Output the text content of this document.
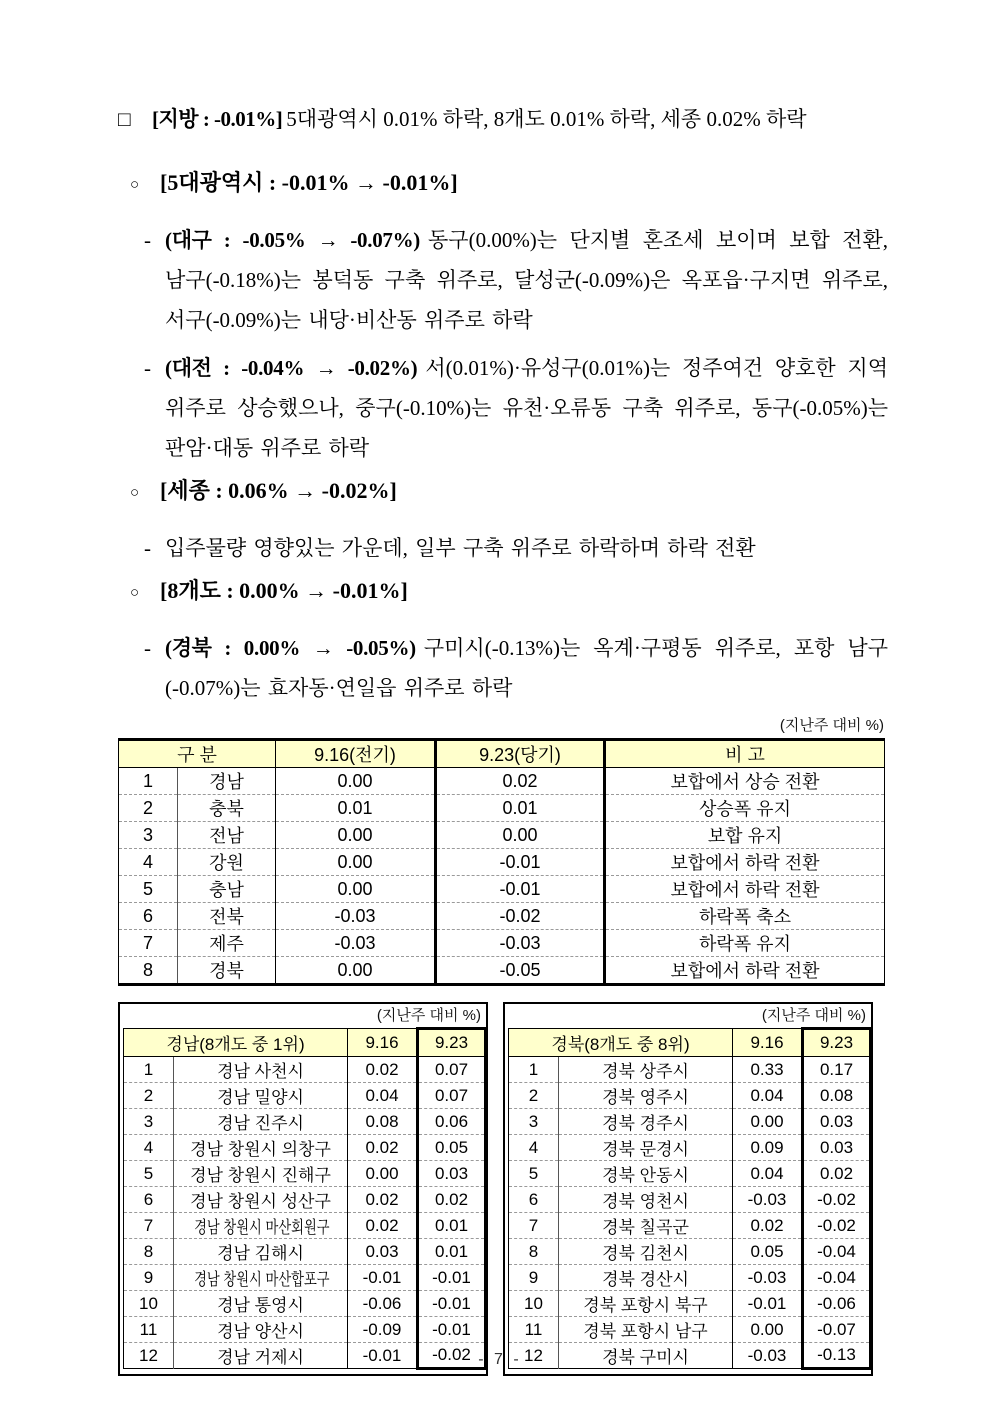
□ [지방 : -0.01%] 5대광역시 0.01% 하락, 8개도 0.01% 하락, 세종 0.02% 하락

○ [5대광역시 : -0.01% → -0.01%]

- (대구 : -0.05% → -0.07%) 동구(0.00%)는 단지별 혼조세 보이며 보합 전환, 남구(-0.18%)는 봉덕동 구축 위주로, 달성군(-0.09%)은 옥포읍·구지면 위주로, 서구(-0.09%)는 내당·비산동 위주로 하락

- (대전 : -0.04% → -0.02%) 서(0.01%)·유성구(0.01%)는 정주여건 양호한 지역 위주로 상승했으나, 중구(-0.10%)는 유천·오류동 구축 위주로, 동구(-0.05%)는 판암·대동 위주로 하락

○ [세종 : 0.06% → -0.02%]

- 입주물량 영향있는 가운데, 일부 구축 위주로 하락하며 하락 전환

○ [8개도 : 0.00% → -0.01%]

- (경북 : 0.00% → -0.05%) 구미시(-0.13%)는 옥계·구평동 위주로, 포항 남구(-0.07%)는 효자동·연일읍 위주로 하락

(지난주 대비 %)
구 분		9.16(전기)	9.23(당기)	비 고
1	경남	0.00	0.02	보합에서 상승 전환
2	충북	0.01	0.01	상승폭 유지
3	전남	0.00	0.00	보합 유지
4	강원	0.00	-0.01	보합에서 하락 전환
5	충남	0.00	-0.01	보합에서 하락 전환
6	전북	-0.03	-0.02	하락폭 축소
7	제주	-0.03	-0.03	하락폭 유지
8	경북	0.00	-0.05	보합에서 하락 전환
(지난주 대비 %)
경남(8개도 중 1위)		9.16	9.23
1	경남 사천시	0.02	0.07
2	경남 밀양시	0.04	0.07
3	경남 진주시	0.08	0.06
4	경남 창원시 의창구	0.02	0.05
5	경남 창원시 진해구	0.00	0.03
6	경남 창원시 성산구	0.02	0.02
7	경남 창원시 마산회원구	0.02	0.01
8	경남 김해시	0.03	0.01
9	경남 창원시 마산합포구	-0.01	-0.01
10	경남 통영시	-0.06	-0.01
11	경남 양산시	-0.09	-0.01
12	경남 거제시	-0.01	-0.02
(지난주 대비 %)
경북(8개도 중 8위)		9.16	9.23
1	경북 상주시	0.33	0.17
2	경북 영주시	0.04	0.08
3	경북 경주시	0.00	0.03
4	경북 문경시	0.09	0.03
5	경북 안동시	0.04	0.02
6	경북 영천시	-0.03	-0.02
7	경북 칠곡군	0.02	-0.02
8	경북 김천시	0.05	-0.04
9	경북 경산시	-0.03	-0.04
10	경북 포항시 북구	-0.01	-0.06
11	경북 포항시 남구	0.00	-0.07
12	경북 구미시	-0.03	-0.13
- 7 -
